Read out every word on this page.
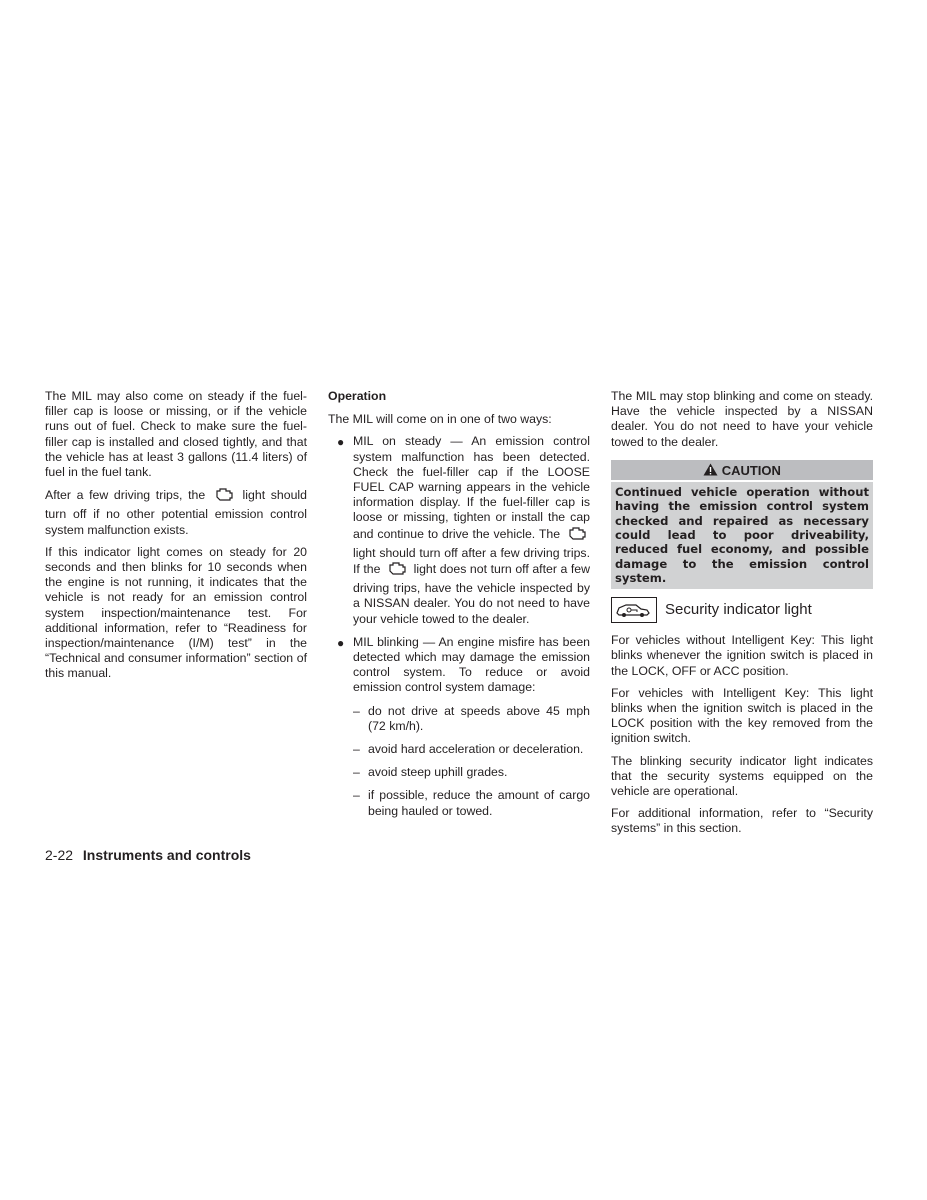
The MIL may also come on steady if the fuel-filler cap is loose or missing, or if the vehicle runs out of fuel. Check to make sure the fuel-filler cap is installed and closed tightly, and that the vehicle has at least 3 gallons (11.4 liters) of fuel in the fuel tank.

After a few driving trips, the	light should turn off if no other potential emission control system malfunction exists.

If this indicator light comes on steady for 20 seconds and then blinks for 10 seconds when the engine is not running, it indicates that the vehicle is not ready for an emission control system inspection/maintenance test. For additional information, refer to “Readiness for inspection/maintenance (I/M) test” in the “Technical and consumer information” section of this manual.

Operation

The MIL will come on in one of two ways:

● MIL on steady — An emission control system malfunction has been detected. Check the fuel-filler cap if the LOOSE FUEL CAP warning appears in the vehicle information display. If the fuel-filler cap is loose or missing, tighten or install the cap and continue to drive the vehicle. The  light should turn off after a few driving trips. If the	light does not turn off after a few driving trips, have the vehicle inspected by a NISSAN dealer. You do not need to have your vehicle towed to the dealer.

● MIL blinking — An engine misfire has been detected which may damage the emission control system. To reduce or avoid emission control system damage:

– do not drive at speeds above 45 mph (72 km/h).
– avoid hard acceleration or deceleration.
– avoid steep uphill grades.
– if possible, reduce the amount of cargo being hauled or towed.

The MIL may stop blinking and come on steady. Have the vehicle inspected by a NISSAN dealer. You do not need to have your vehicle towed to the dealer.

CAUTION
Continued vehicle operation without having the emission control system checked and repaired as necessary could lead to poor driveability, reduced fuel economy, and possible damage to the emission control system.
Security indicator light

For vehicles without Intelligent Key: This light blinks whenever the ignition switch is placed in the LOCK, OFF or ACC position.

For vehicles with Intelligent Key: This light blinks when the ignition switch is placed in the LOCK position with the key removed from the ignition switch.

The blinking security indicator light indicates that the security systems equipped on the vehicle are operational.

For additional information, refer to “Security systems” in this section.

2-22 Instruments and controls
